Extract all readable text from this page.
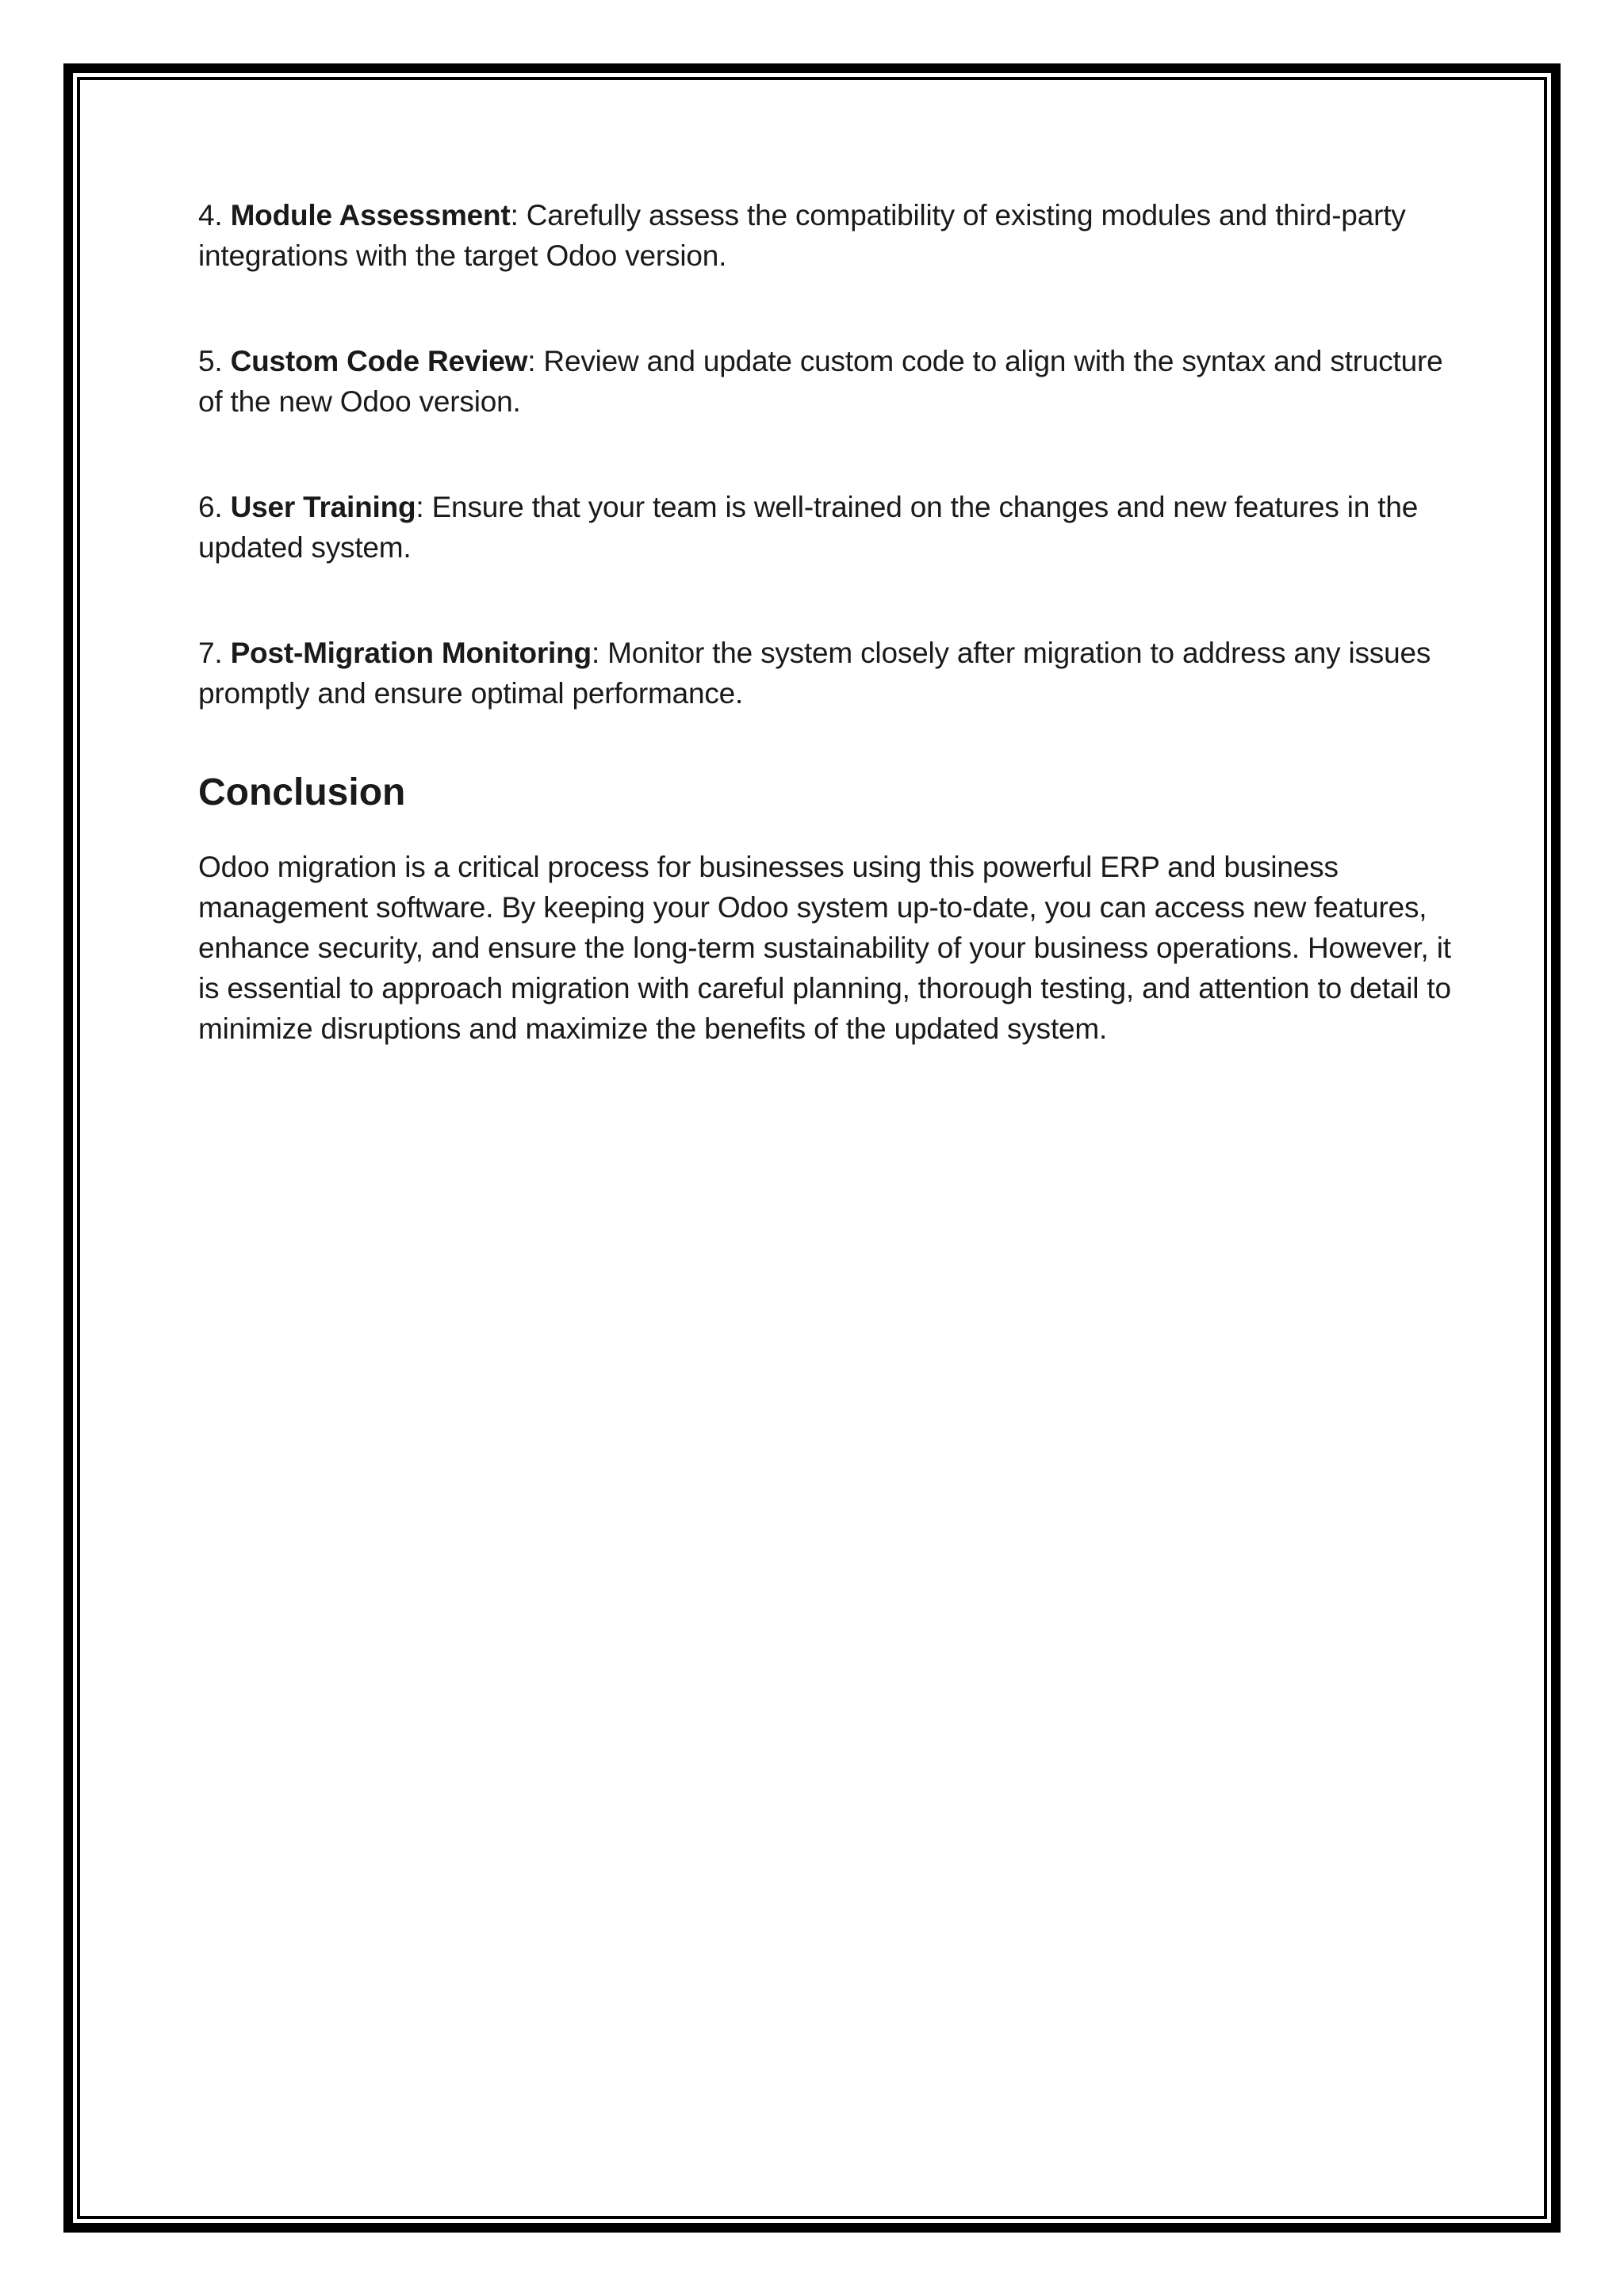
4. Module Assessment: Carefully assess the compatibility of existing modules and third-party integrations with the target Odoo version.

5. Custom Code Review: Review and update custom code to align with the syntax and structure of the new Odoo version.

6. User Training: Ensure that your team is well-trained on the changes and new features in the updated system.

7. Post-Migration Monitoring: Monitor the system closely after migration to address any issues promptly and ensure optimal performance.

Conclusion

Odoo migration is a critical process for businesses using this powerful ERP and business management software. By keeping your Odoo system up-to-date, you can access new features, enhance security, and ensure the long-term sustainability of your business operations. However, it is essential to approach migration with careful planning, thorough testing, and attention to detail to minimize disruptions and maximize the benefits of the updated system.
